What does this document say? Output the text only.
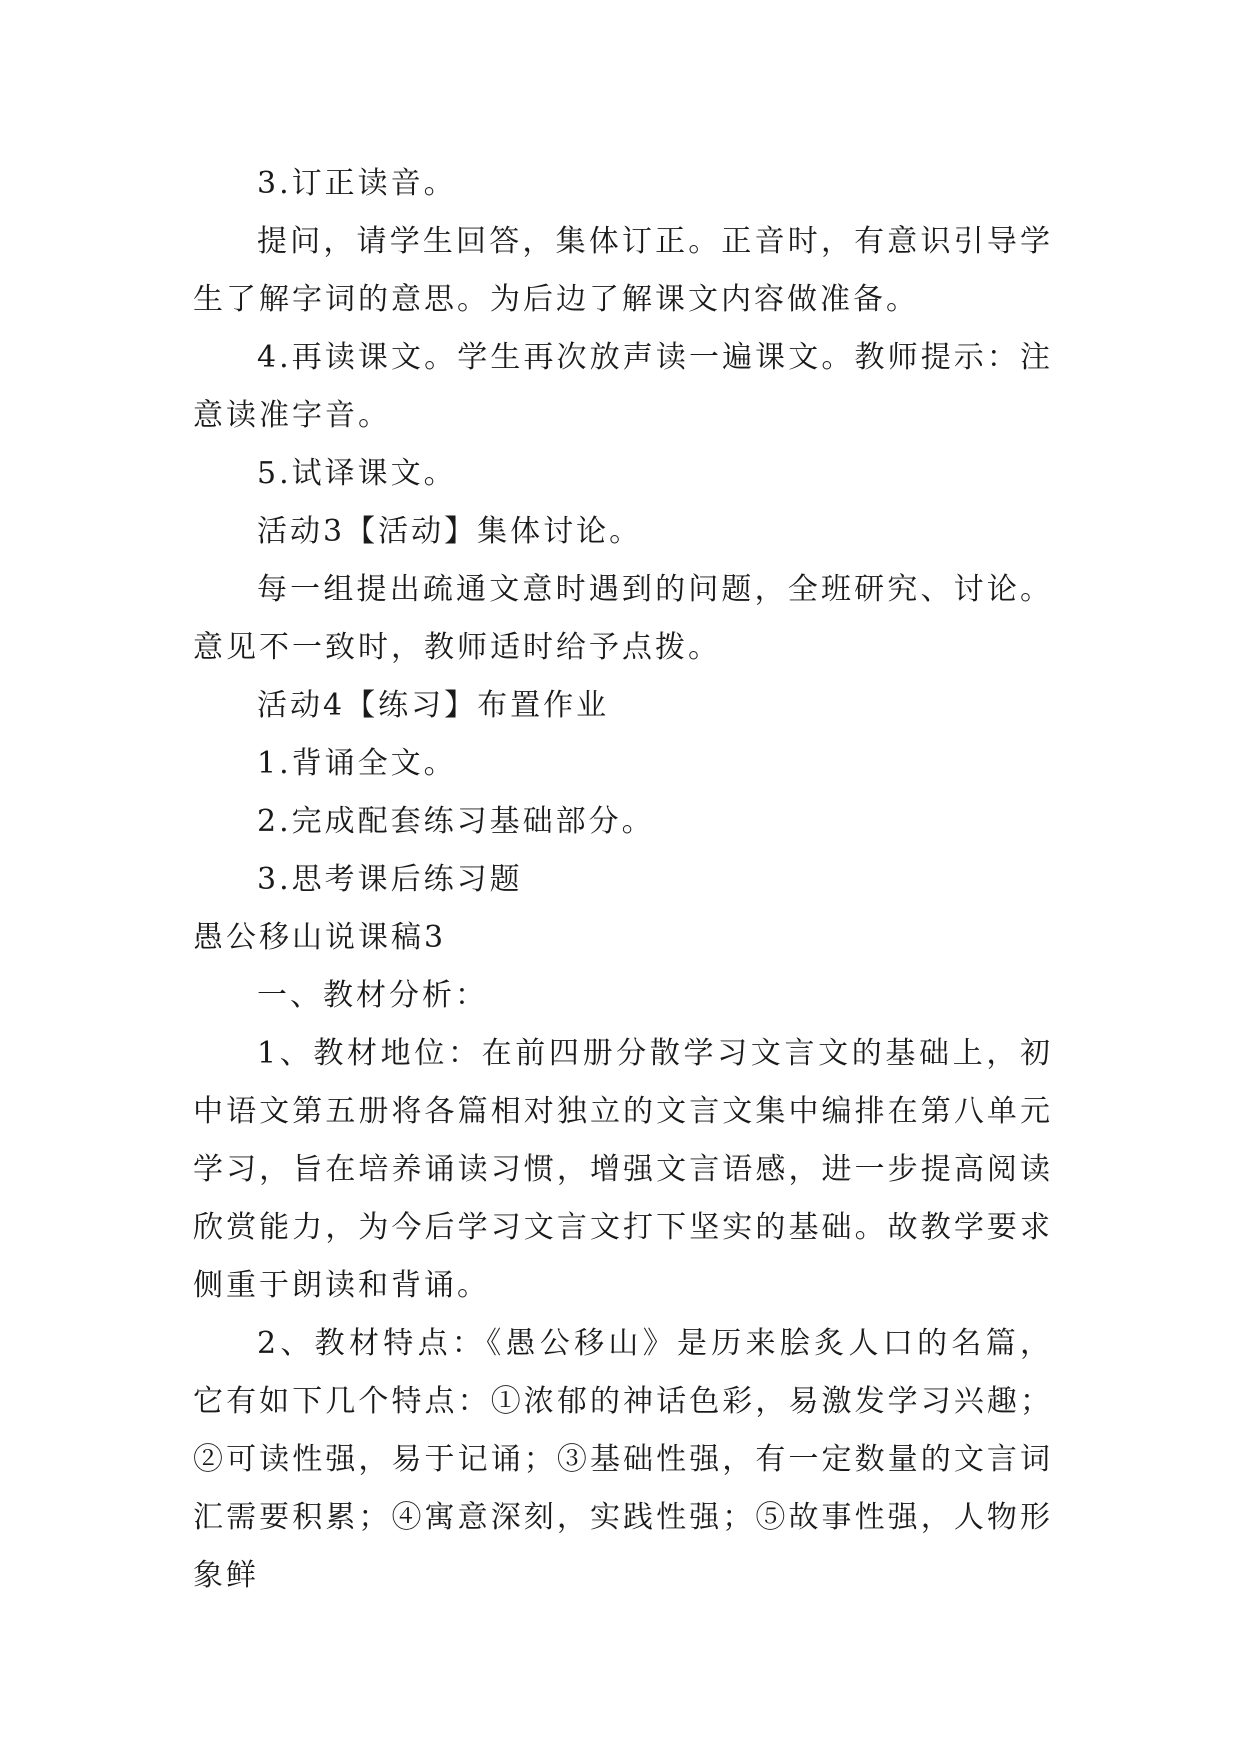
3.订正读音。

提问，请学生回答，集体订正。正音时，有意识引导学生了解字词的意思。为后边了解课文内容做准备。

4.再读课文。学生再次放声读一遍课文。教师提示：注意读准字音。

5.试译课文。

活动3【活动】集体讨论。

每一组提出疏通文意时遇到的问题，全班研究、讨论。意见不一致时，教师适时给予点拨。

活动4【练习】布置作业

1.背诵全文。

2.完成配套练习基础部分。

3.思考课后练习题

愚公移山说课稿3

一、教材分析：

1、教材地位：在前四册分散学习文言文的基础上，初中语文第五册将各篇相对独立的文言文集中编排在第八单元学习，旨在培养诵读习惯，增强文言语感，进一步提高阅读欣赏能力，为今后学习文言文打下坚实的基础。故教学要求侧重于朗读和背诵。

2、教材特点：《愚公移山》是历来脍炙人口的名篇，它有如下几个特点：①浓郁的神话色彩，易激发学习兴趣；②可读性强，易于记诵；③基础性强，有一定数量的文言词汇需要积累；④寓意深刻，实践性强；⑤故事性强，人物形象鲜
